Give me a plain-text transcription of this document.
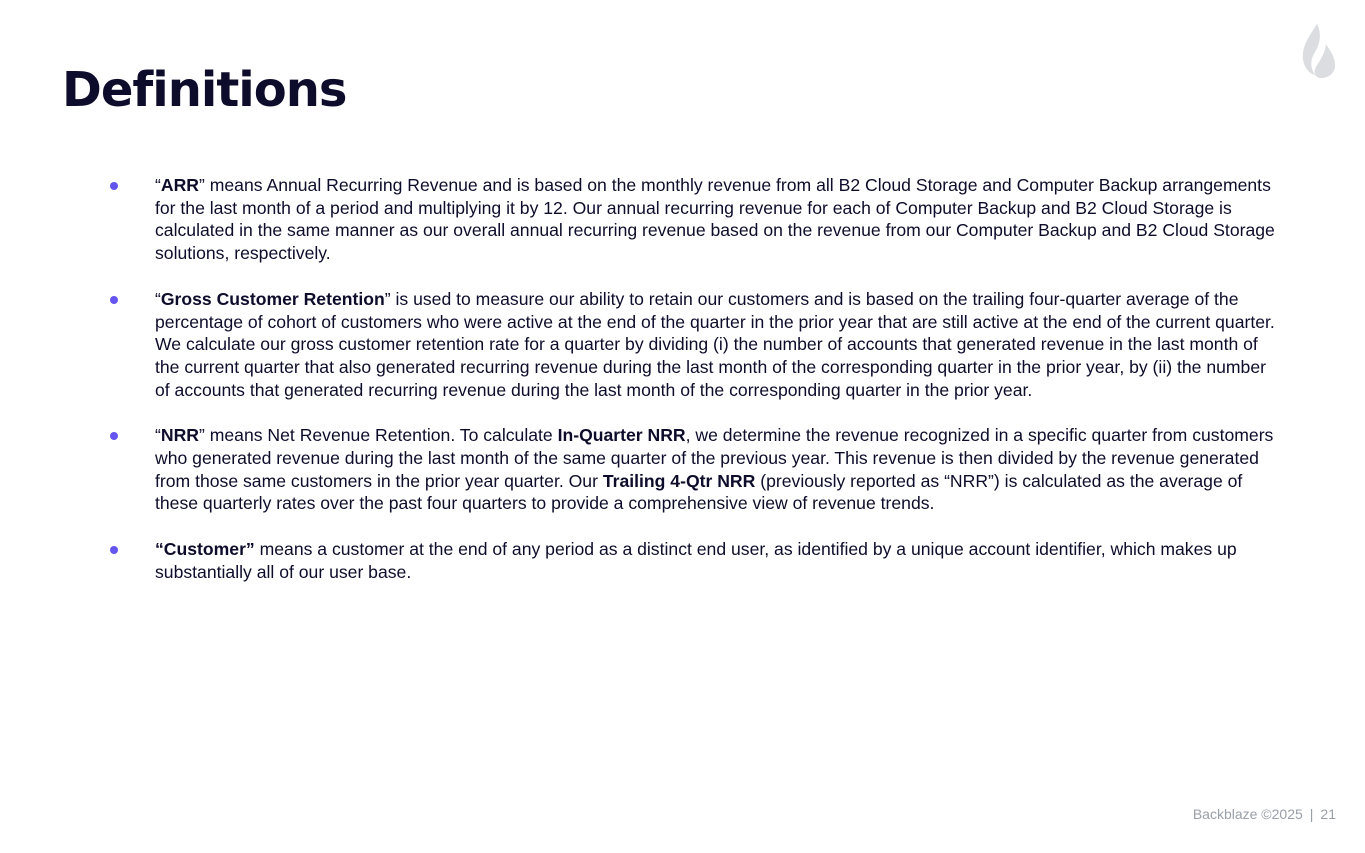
Definitions
“ARR” means Annual Recurring Revenue and is based on the monthly revenue from all B2 Cloud Storage and Computer Backup arrangements for the last month of a period and multiplying it by 12. Our annual recurring revenue for each of Computer Backup and B2 Cloud Storage is calculated in the same manner as our overall annual recurring revenue based on the revenue from our Computer Backup and B2 Cloud Storage solutions, respectively.
“Gross Customer Retention” is used to measure our ability to retain our customers and is based on the trailing four-quarter average of the percentage of cohort of customers who were active at the end of the quarter in the prior year that are still active at the end of the current quarter. We calculate our gross customer retention rate for a quarter by dividing (i) the number of accounts that generated revenue in the last month of the current quarter that also generated recurring revenue during the last month of the corresponding quarter in the prior year, by (ii) the number of accounts that generated recurring revenue during the last month of the corresponding quarter in the prior year.
“NRR” means Net Revenue Retention. To calculate In-Quarter NRR, we determine the revenue recognized in a specific quarter from customers who generated revenue during the last month of the same quarter of the previous year. This revenue is then divided by the revenue generated from those same customers in the prior year quarter. Our Trailing 4-Qtr NRR (previously reported as “NRR”) is calculated as the average of these quarterly rates over the past four quarters to provide a comprehensive view of revenue trends.
“Customer” means a customer at the end of any period as a distinct end user, as identified by a unique account identifier, which makes up substantially all of our user base.
Backblaze ©2025 | 21
